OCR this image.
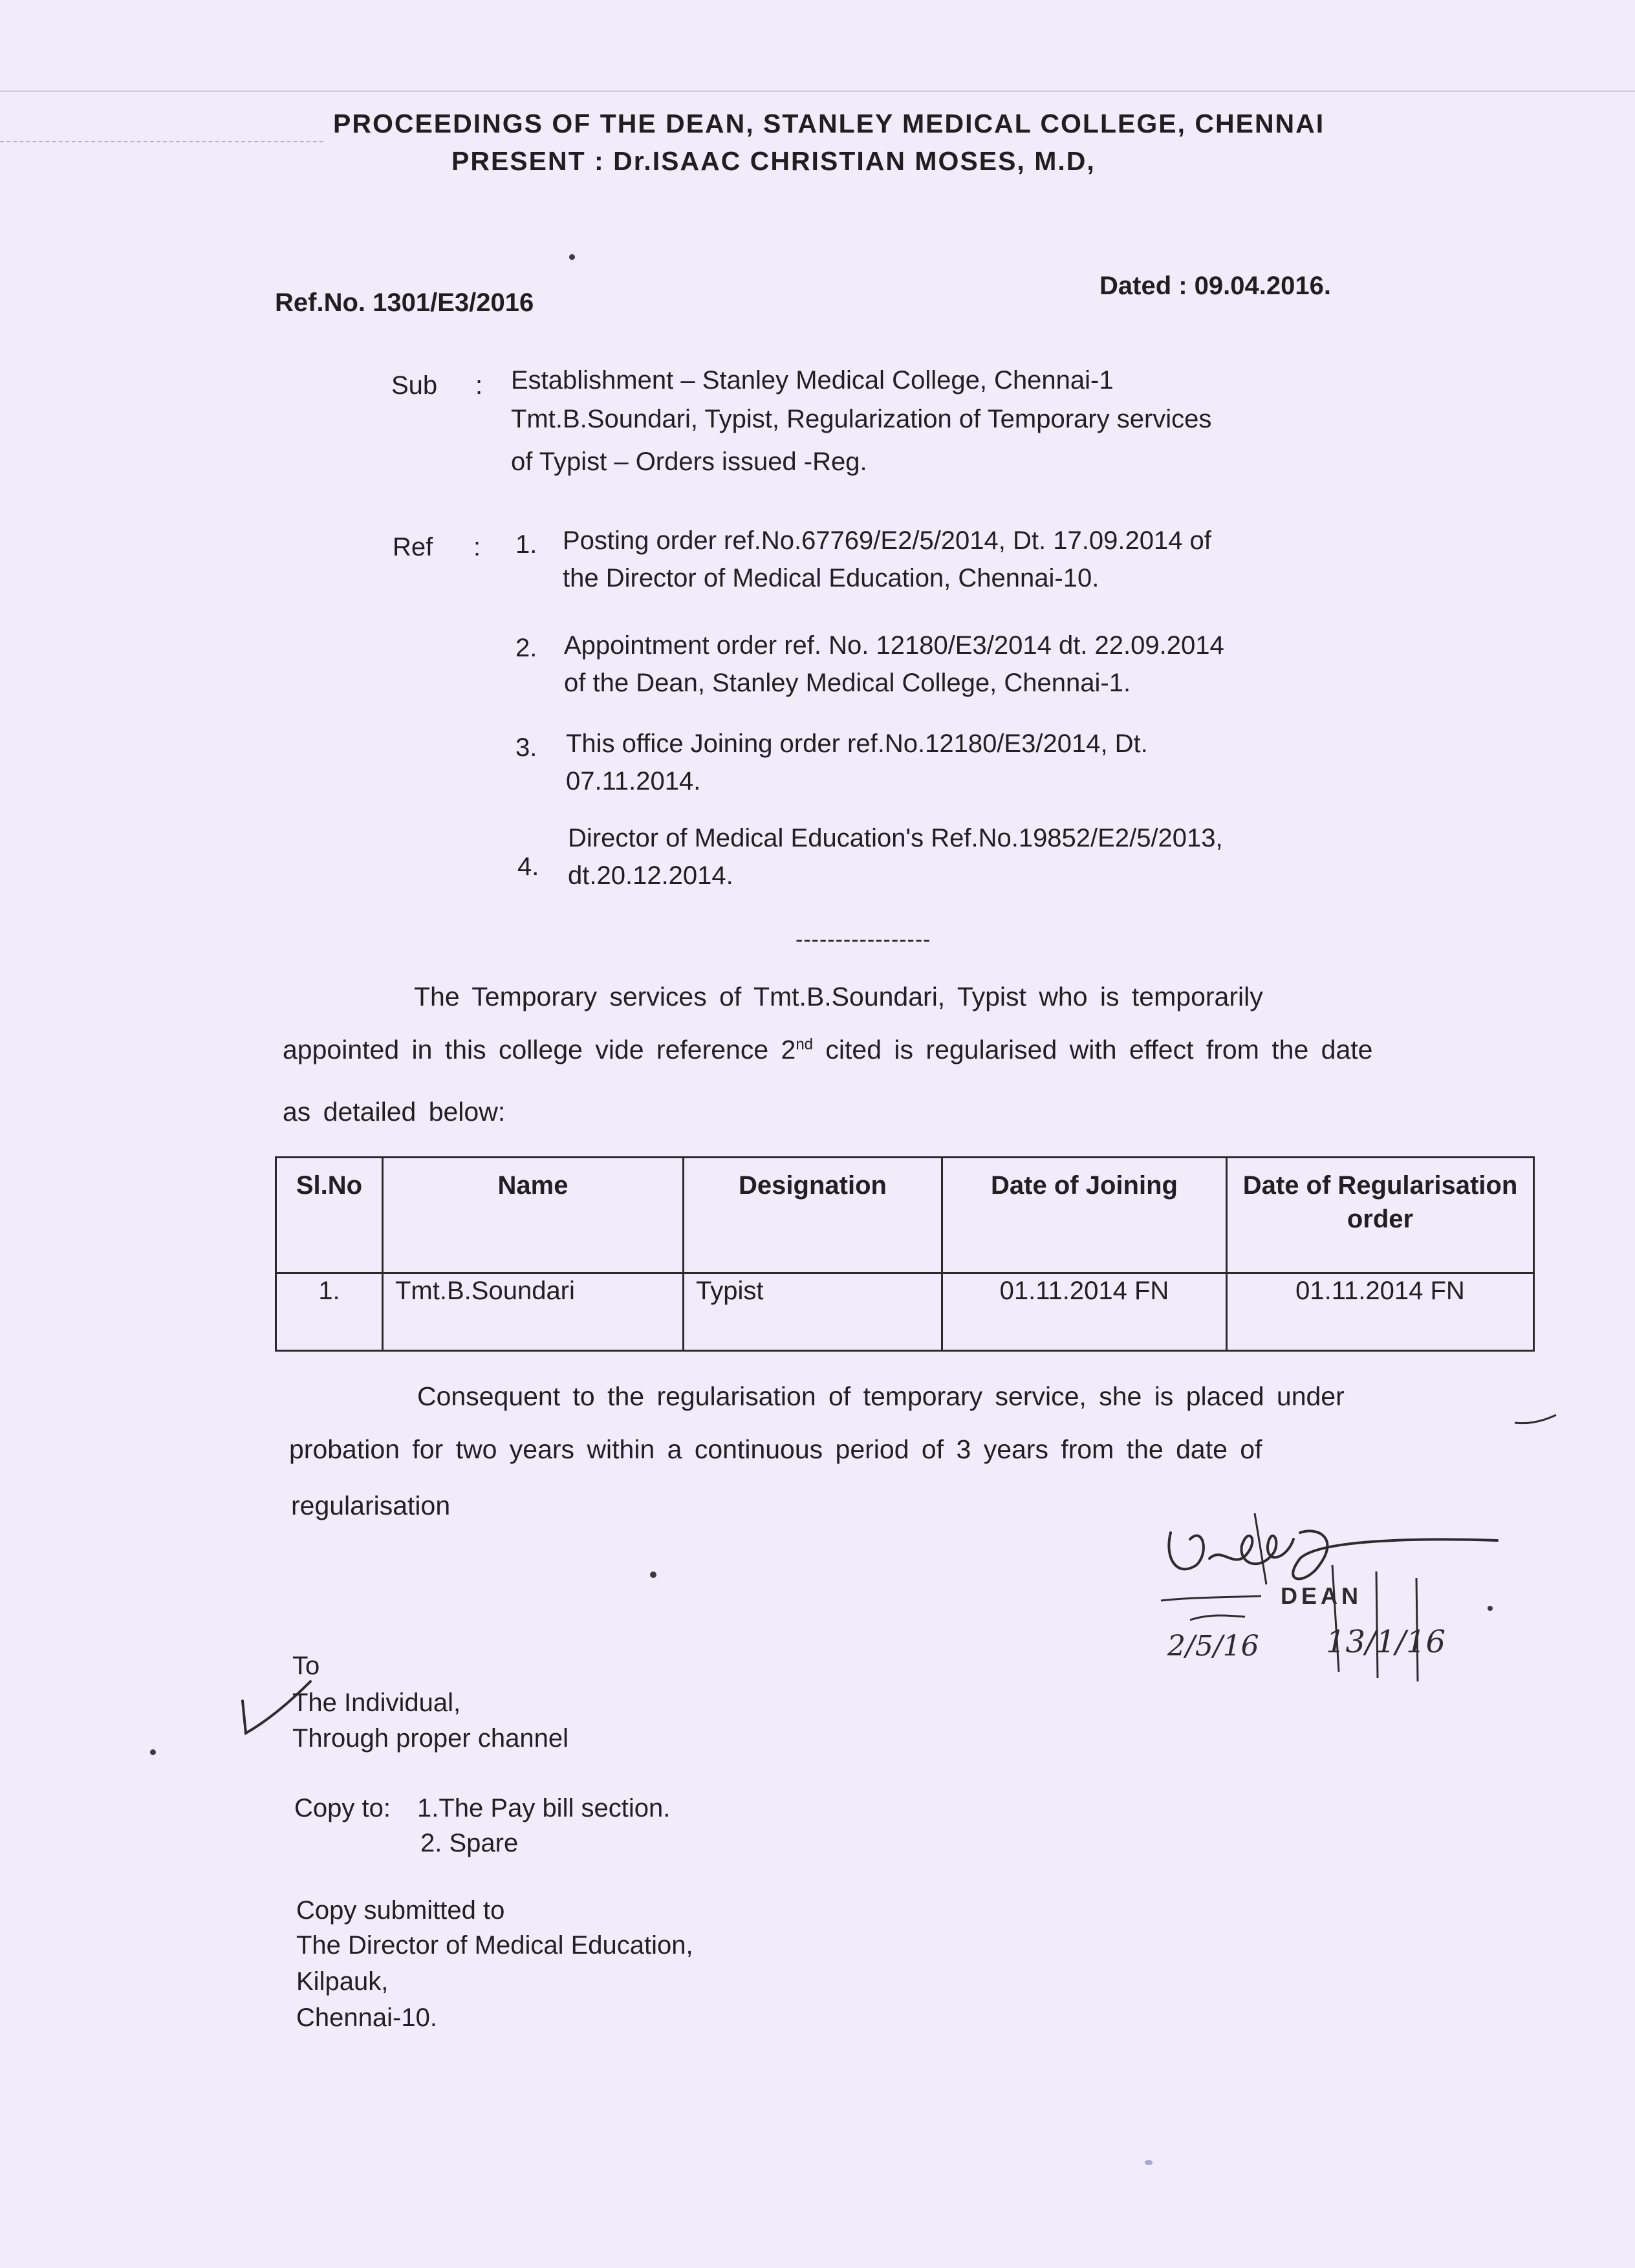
PROCEEDINGS OF THE DEAN, STANLEY MEDICAL COLLEGE, CHENNAI
PRESENT : Dr.ISAAC CHRISTIAN MOSES, M.D,
Ref.No. 1301/E3/2016
Dated : 09.04.2016.
Sub : Establishment – Stanley Medical College, Chennai-1
Tmt.B.Soundari, Typist, Regularization of Temporary services
of Typist – Orders issued -Reg.
Ref : 1. Posting order ref.No.67769/E2/5/2014, Dt. 17.09.2014 of
the Director of Medical Education, Chennai-10.
2. Appointment order ref. No. 12180/E3/2014 dt. 22.09.2014
of the Dean, Stanley Medical College, Chennai-1.
3. This office Joining order ref.No.12180/E3/2014, Dt.
07.11.2014.
4.
Director of Medical Education's Ref.No.19852/E2/5/2013,
dt.20.12.2014.
-----------------
The Temporary services of Tmt.B.Soundari, Typist who is temporarily
appointed in this college vide reference 2nd cited is regularised with effect from the date
as detailed below:
Sl.No	Name	Designation	Date of Joining	Date of Regularisation order
1.	Tmt.B.Soundari	Typist	01.11.2014 FN	01.11.2014 FN
Consequent to the regularisation of temporary service, she is placed under
probation for two years within a continuous period of 3 years from the date of
regularisation
DEAN
2/5/16 13/1/16
To
The Individual,
Through proper channel
Copy to: 1.The Pay bill section.
2. Spare
Copy submitted to
The Director of Medical Education,
Kilpauk,
Chennai-10.
